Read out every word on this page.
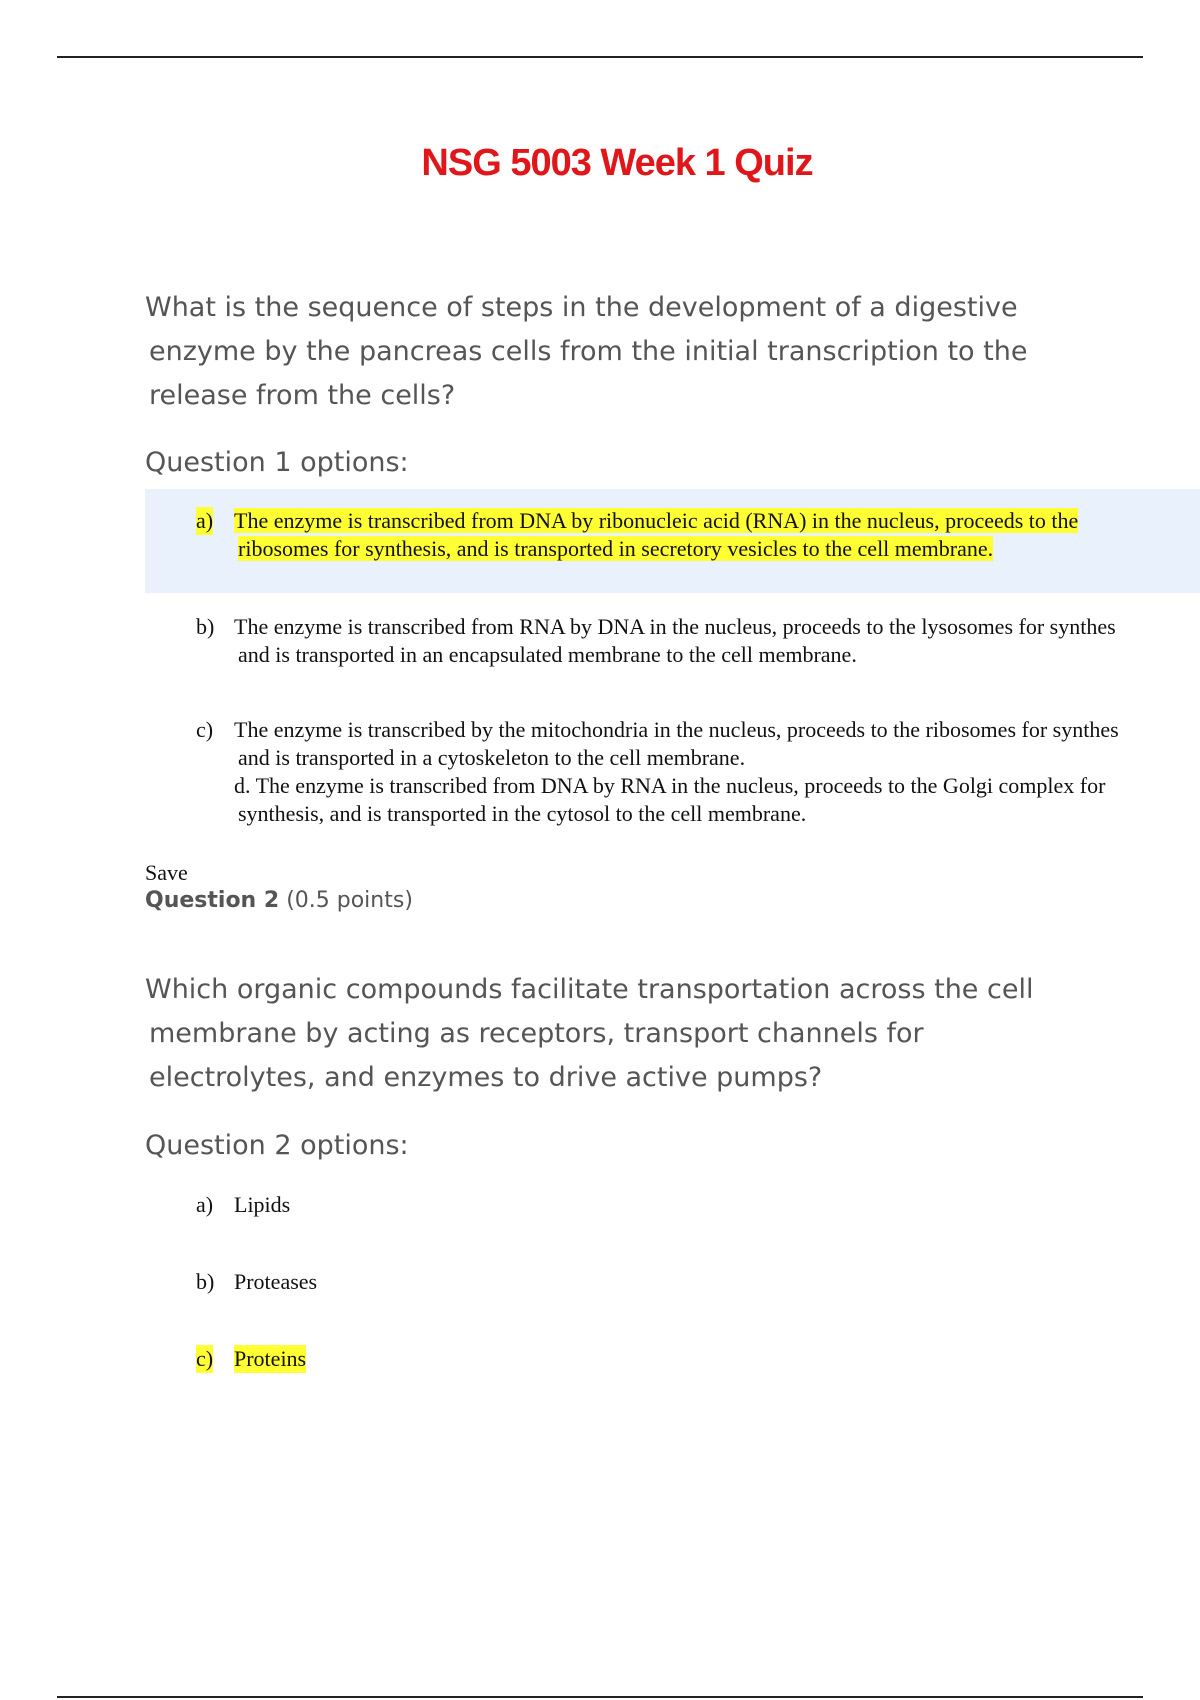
NSG 5003 Week 1 Quiz

What is the sequence of steps in the development of a digestive
enzyme by the pancreas cells from the initial transcription to the
release from the cells?

Question 1 options:

a) The enzyme is transcribed from DNA by ribonucleic acid (RNA) in the nucleus, proceeds to the
ribosomes for synthesis, and is transported in secretory vesicles to the cell membrane.
b) The enzyme is transcribed from RNA by DNA in the nucleus, proceeds to the lysosomes for synthes
and is transported in an encapsulated membrane to the cell membrane.
c) The enzyme is transcribed by the mitochondria in the nucleus, proceeds to the ribosomes for synthes
and is transported in a cytoskeleton to the cell membrane.
d. The enzyme is transcribed from DNA by RNA in the nucleus, proceeds to the Golgi complex for
synthesis, and is transported in the cytosol to the cell membrane.
Save
Question 2 (0.5 points)

Which organic compounds facilitate transportation across the cell
membrane by acting as receptors, transport channels for
electrolytes, and enzymes to drive active pumps?

Question 2 options:

a) Lipids
b) Proteases
c) Proteins
